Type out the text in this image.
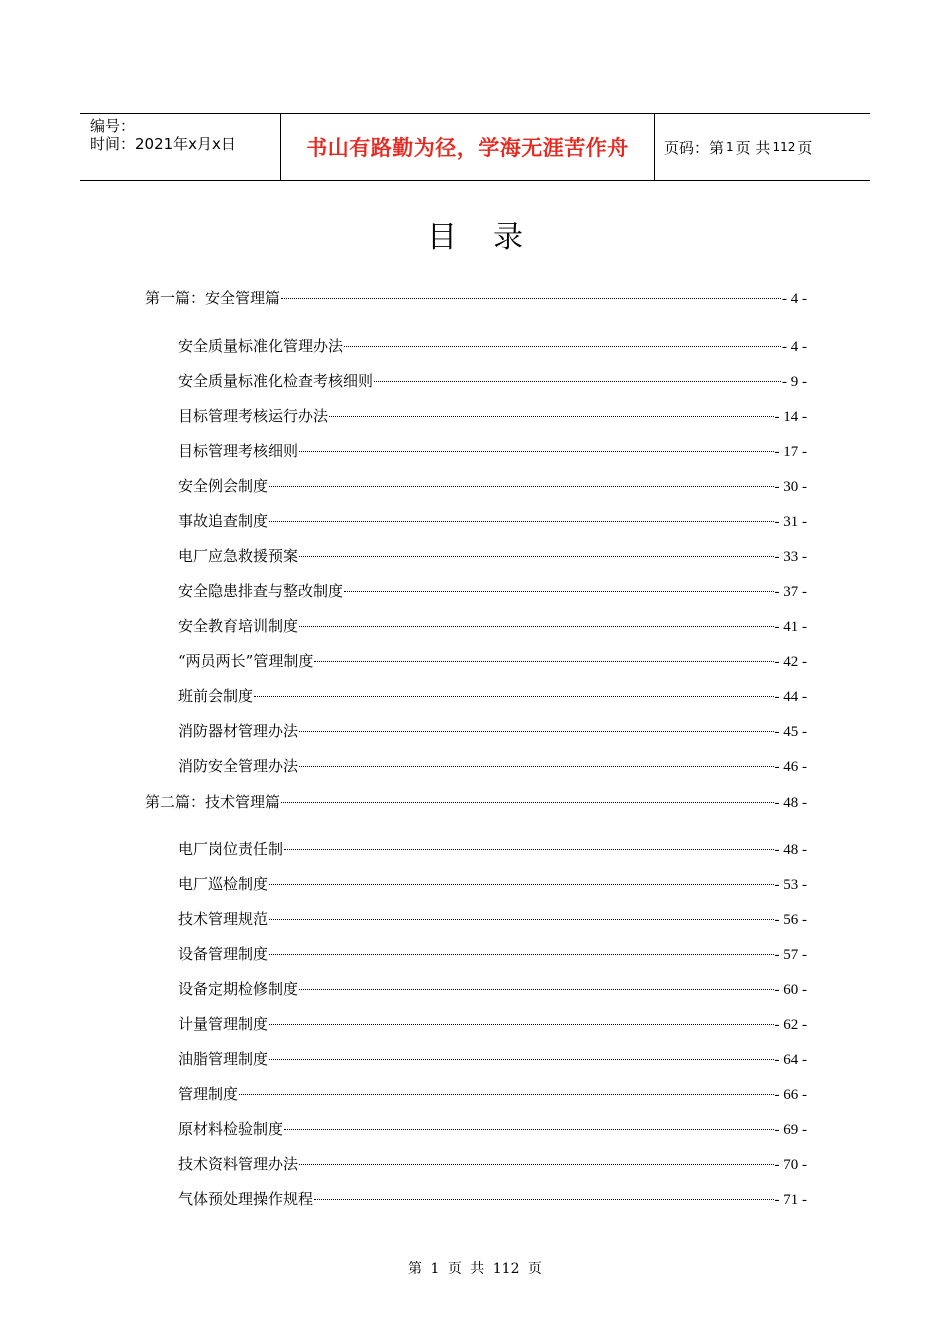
编号：
时间：2021年x月x日	书山有路勤为径，学海无涯苦作舟 页码：第 1 页 共 112 页
目录
第一篇：安全管理篇	- 4 -
安全质量标准化管理办法	- 4 -
安全质量标准化检查考核细则	- 9 -
目标管理考核运行办法	- 14 -
目标管理考核细则	- 17 -
安全例会制度	- 30 -
事故追查制度	- 31 -
电厂应急救援预案	- 33 -
安全隐患排查与整改制度	- 37 -
安全教育培训制度	- 41 -
“两员两长”管理制度	- 42 -
班前会制度	- 44 -
消防器材管理办法	- 45 -
消防安全管理办法	- 46 -
第二篇：技术管理篇	- 48 -
电厂岗位责任制	- 48 -
电厂巡检制度	- 53 -
技术管理规范	- 56 -
设备管理制度	- 57 -
设备定期检修制度	- 60 -
计量管理制度	- 62 -
油脂管理制度	- 64 -
管理制度	- 66 -
原材料检验制度	- 69 -
技术资料管理办法	- 70 -
气体预处理操作规程	- 71 -
第 1 页 共 112 页
